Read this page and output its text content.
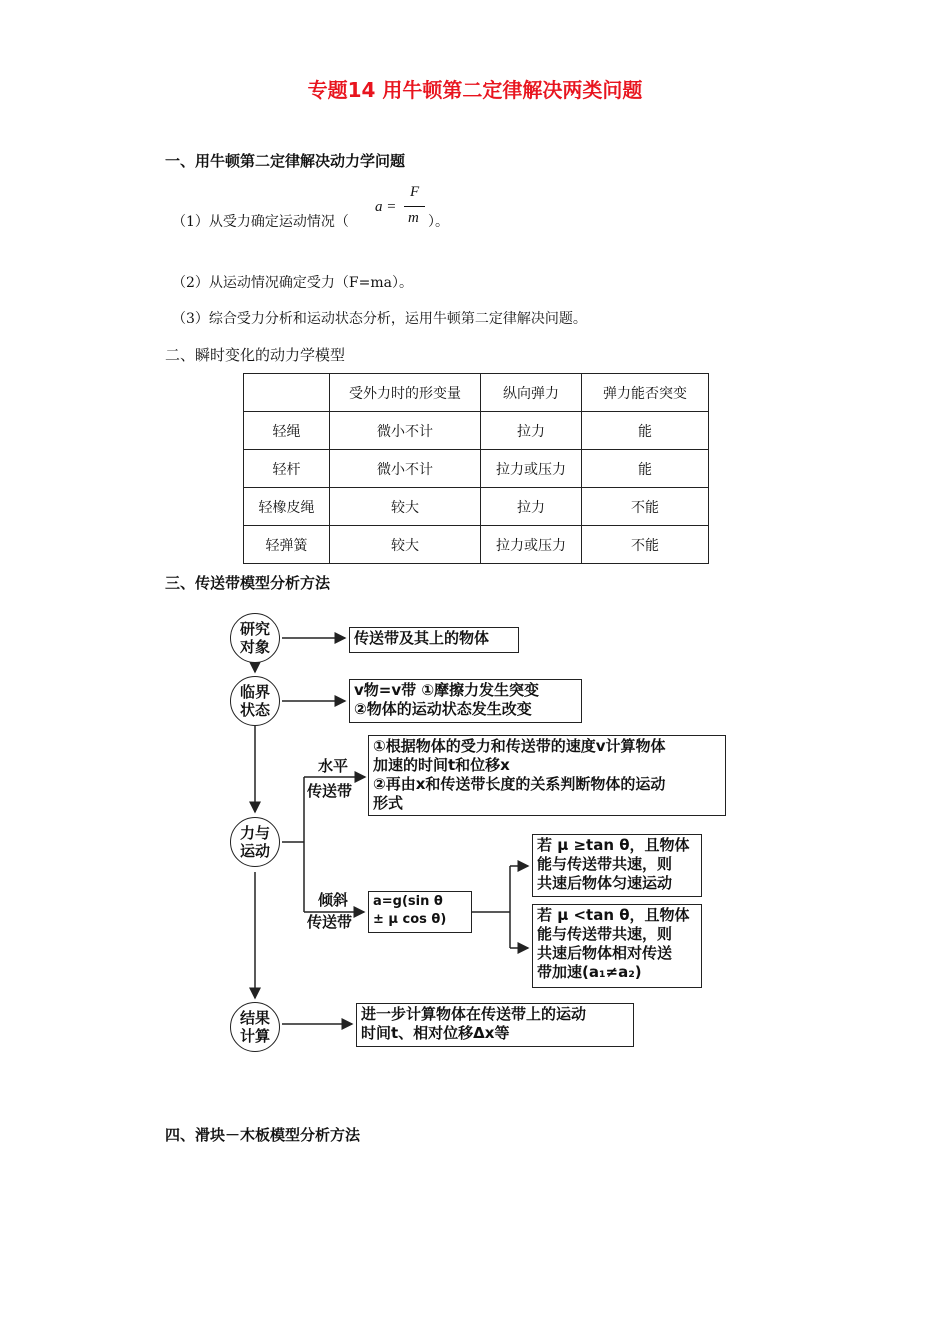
专题14 用牛顿第二定律解决两类问题
一、用牛顿第二定律解决动力学问题
（1）从受力确定运动情况（
a =
F
m ）。
（2）从运动情况确定受力（F=ma）。
（3）综合受力分析和运动状态分析，运用牛顿第二定律解决问题。
二、瞬时变化的动力学模型
	受外力时的形变量	纵向弹力	弹力能否突变
轻绳	微小不计	拉力	能
轻杆	微小不计	拉力或压力	能
轻橡皮绳	较大	拉力	不能
轻弹簧	较大	拉力或压力	不能
三、传送带模型分析方法
研究
对象
临界
状态
力与
运动
结果
计算
传送带及其上的物体
v物=v带 ①摩擦力发生突变
②物体的运动状态发生改变
水平
传送带
①根据物体的受力和传送带的速度v计算物体
加速的时间t和位移x
②再由x和传送带长度的关系判断物体的运动
形式
倾斜
传送带
a=g(sin θ
± μ cos θ)
若 μ ≥tan θ，且物体
能与传送带共速，则
共速后物体匀速运动
若 μ <tan θ，且物体
能与传送带共速，则
共速后物体相对传送
带加速(a₁≠a₂)
进一步计算物体在传送带上的运动
时间t、相对位移Δx等
四、滑块－木板模型分析方法
